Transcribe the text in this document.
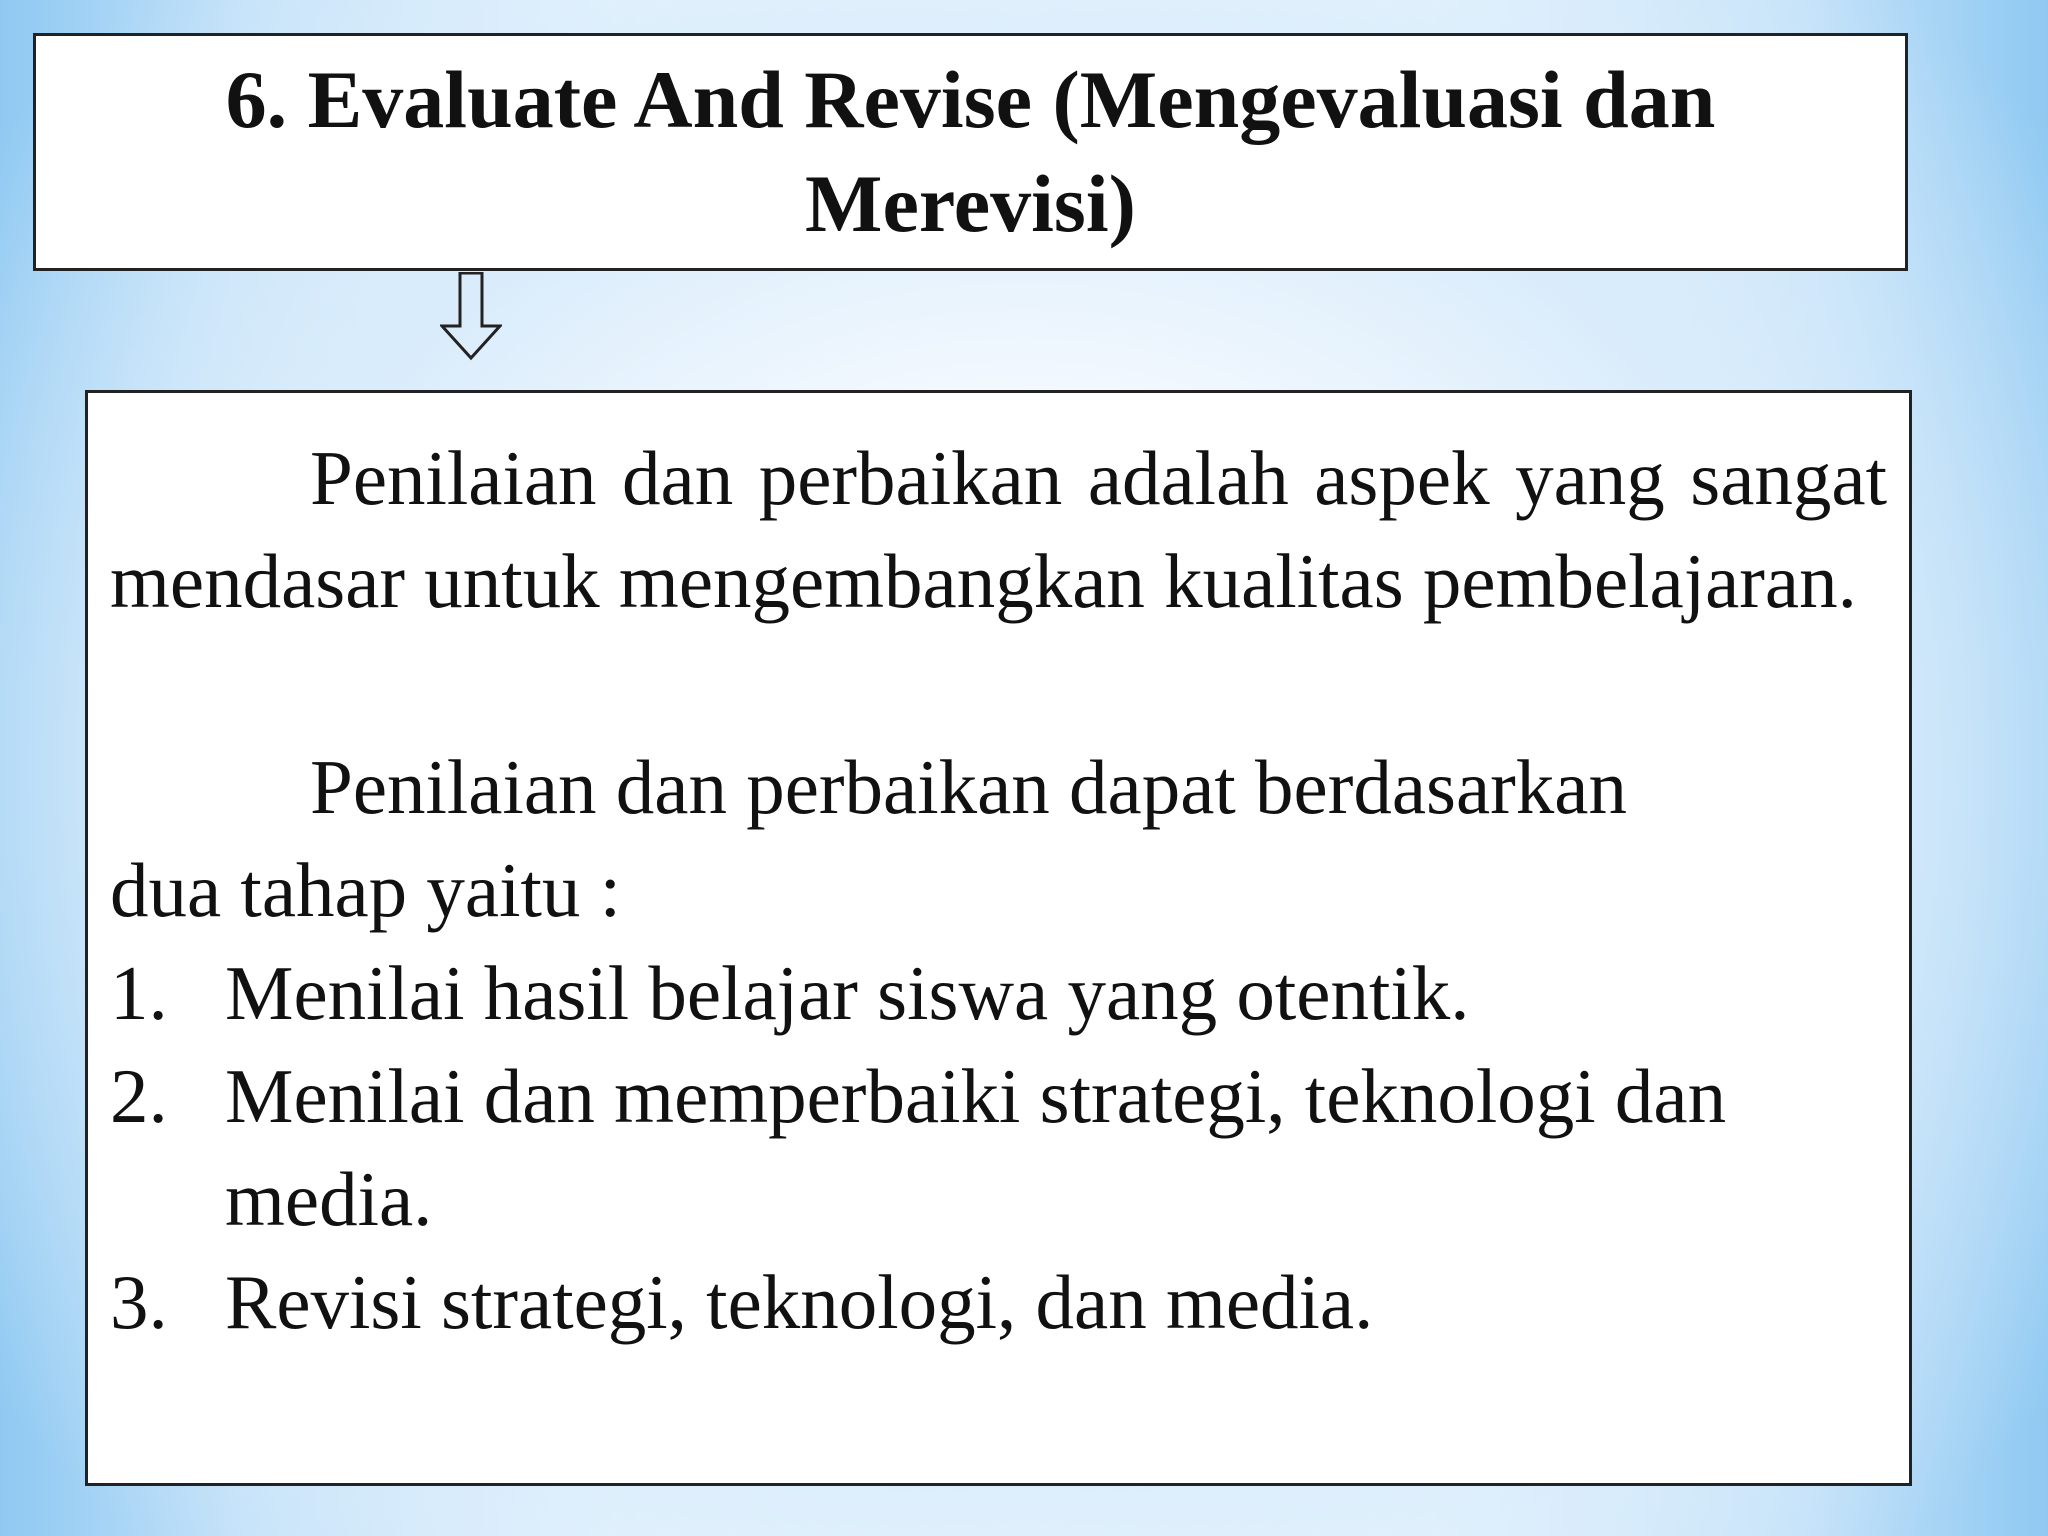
6. Evaluate And Revise (Mengevaluasi dan Merevisi)

Penilaian dan perbaikan adalah aspek yang sangat mendasar untuk mengembangkan kualitas pembelajaran.

Penilaian dan perbaikan dapat berdasarkan
dua tahap yaitu :

1. Menilai hasil belajar siswa yang otentik.
2. Menilai dan memperbaiki strategi, teknologi dan media.
3. Revisi strategi, teknologi, dan media.
